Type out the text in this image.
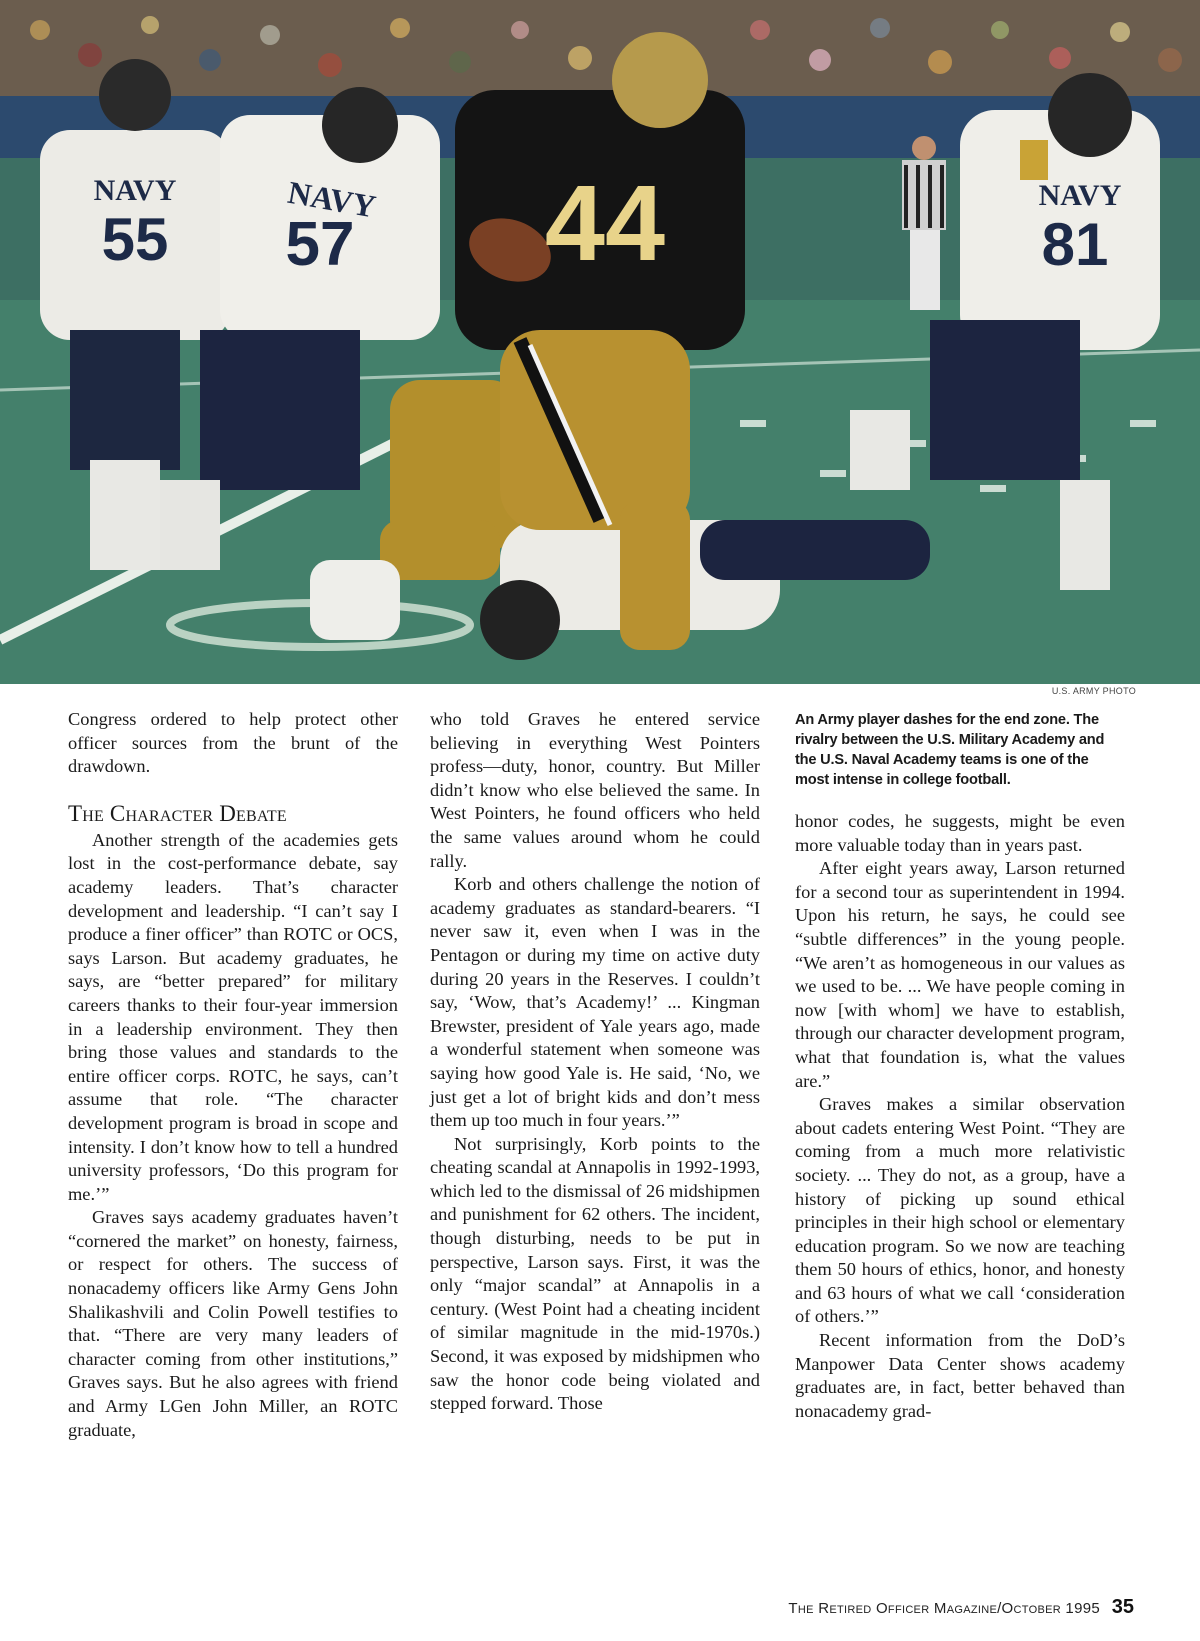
NAVY
55
NAVY
57 44	NAVY
81
U.S. ARMY PHOTO

Congress ordered to help protect other officer sources from the brunt of the drawdown.

The Character Debate

Another strength of the academies gets lost in the cost-performance debate, say academy leaders. That’s character development and leadership. “I can’t say I produce a finer officer” than ROTC or OCS, says Larson. But academy graduates, he says, are “better prepared” for military careers thanks to their four-year immersion in a leadership environment. They then bring those values and standards to the entire officer corps. ROTC, he says, can’t assume that role. “The character development program is broad in scope and intensity. I don’t know how to tell a hundred university professors, ‘Do this program for me.’”

Graves says academy graduates haven’t “cornered the market” on honesty, fairness, or respect for others. The success of nonacademy officers like Army Gens John Shalikashvili and Colin Powell testifies to that. “There are very many leaders of character coming from other institutions,” Graves says. But he also agrees with friend and Army LGen John Miller, an ROTC graduate,

who told Graves he entered service believing in everything West Pointers profess—duty, honor, country. But Miller didn’t know who else believed the same. In West Pointers, he found officers who held the same values around whom he could rally.

Korb and others challenge the notion of academy graduates as standard-bearers. “I never saw it, even when I was in the Pentagon or during my time on active duty during 20 years in the Reserves. I couldn’t say, ‘Wow, that’s Academy!’ ... Kingman Brewster, president of Yale years ago, made a wonderful statement when someone was saying how good Yale is. He said, ‘No, we just get a lot of bright kids and don’t mess them up too much in four years.’”

Not surprisingly, Korb points to the cheating scandal at Annapolis in 1992-1993, which led to the dismissal of 26 midshipmen and punishment for 62 others. The incident, though disturbing, needs to be put in perspective, Larson says. First, it was the only “major scandal” at Annapolis in a century. (West Point had a cheating incident of similar magnitude in the mid-1970s.) Second, it was exposed by midshipmen who saw the honor code being violated and stepped forward. Those

An Army player dashes for the end zone. The rivalry between the U.S. Military Academy and the U.S. Naval Academy teams is one of the most intense in college football.

honor codes, he suggests, might be even more valuable today than in years past.

After eight years away, Larson returned for a second tour as superintendent in 1994. Upon his return, he says, he could see “subtle differences” in the young people. “We aren’t as homogeneous in our values as we used to be. ... We have people coming in now [with whom] we have to establish, through our character development program, what that foundation is, what the values are.”

Graves makes a similar observation about cadets entering West Point. “They are coming from a much more relativistic society. ... They do not, as a group, have a history of picking up sound ethical principles in their high school or elementary education program. So we now are teaching them 50 hours of ethics, honor, and honesty and 63 hours of what we call ‘consideration of others.’”

Recent information from the DoD’s Manpower Data Center shows academy graduates are, in fact, better behaved than nonacademy grad-

The Retired Officer Magazine/October 1995 35
